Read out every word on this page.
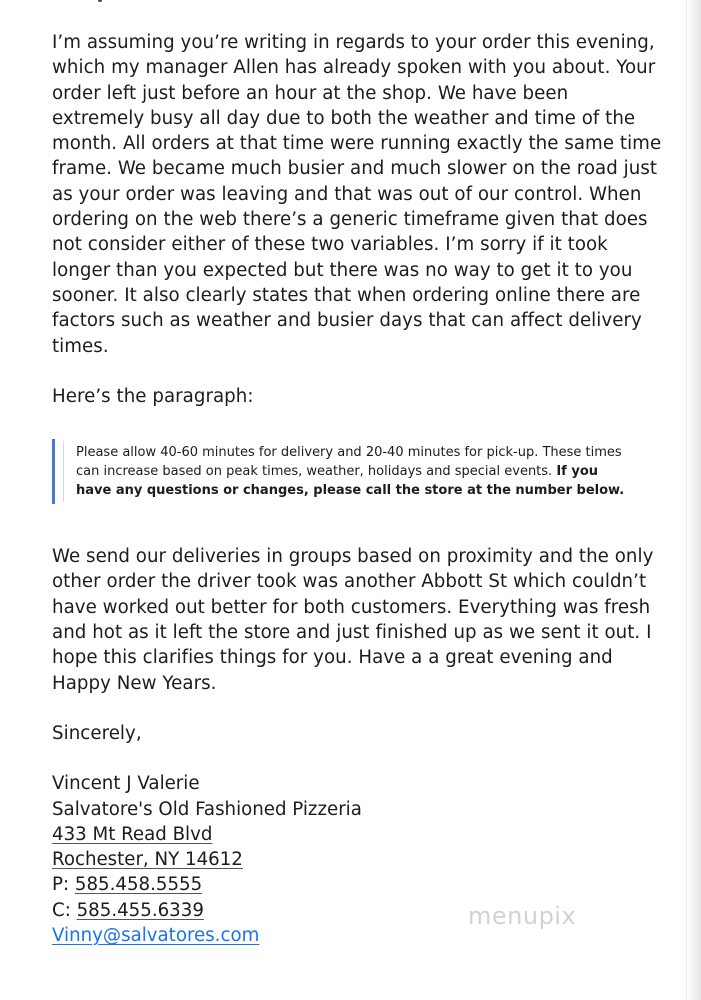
I’m assuming you’re writing in regards to your order this evening, which my manager Allen has already spoken with you about. Your order left just before an hour at the shop. We have been extremely busy all day due to both the weather and time of the month. All orders at that time were running exactly the same time frame. We became much busier and much slower on the road just as your order was leaving and that was out of our control. When ordering on the web there’s a generic timeframe given that does not consider either of these two variables. I’m sorry if it took longer than you expected but there was no way to get it to you sooner. It also clearly states that when ordering online there are factors such as weather and busier days that can affect delivery times.

Here’s the paragraph:

Please allow 40-60 minutes for delivery and 20-40 minutes for pick-up. These times can increase based on peak times, weather, holidays and special events. If you have any questions or changes, please call the store at the number below.

We send our deliveries in groups based on proximity and the only other order the driver took was another Abbott St which couldn’t have worked out better for both customers. Everything was fresh and hot as it left the store and just finished up as we sent it out. I hope this clarifies things for you. Have a a great evening and Happy New Years.

Sincerely,

Vincent J Valerie
Salvatore's Old Fashioned Pizzeria
433 Mt Read Blvd
Rochester, NY 14612
P: 585.458.5555
C: 585.455.6339
Vinny@salvatores.com
menupix
